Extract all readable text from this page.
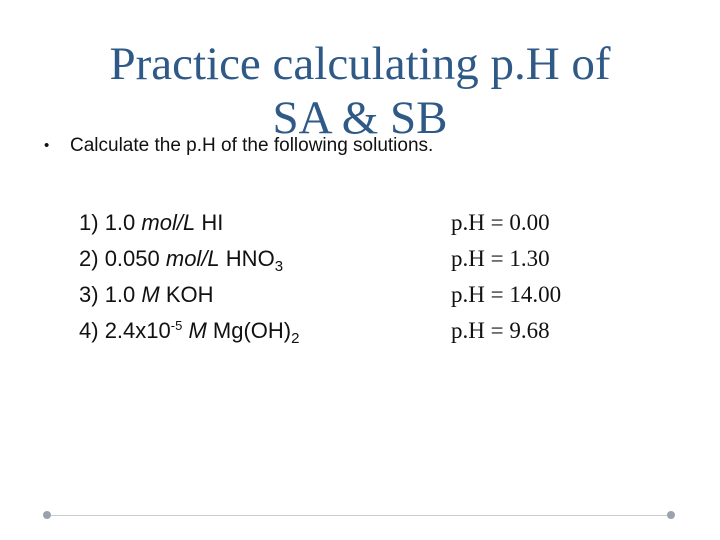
Practice calculating p.H of
SA & SB
• Calculate the p.H of the following solutions.
1) 1.0 mol/L HI
2) 0.050 mol/L $HNO_3$
3) 1.0 M KOH
4) $2.4x10^{-5}$ M $Mg(OH)_2$
p.H = 0.00
p.H = 1.30
p.H = 14.00
p.H = 9.68
